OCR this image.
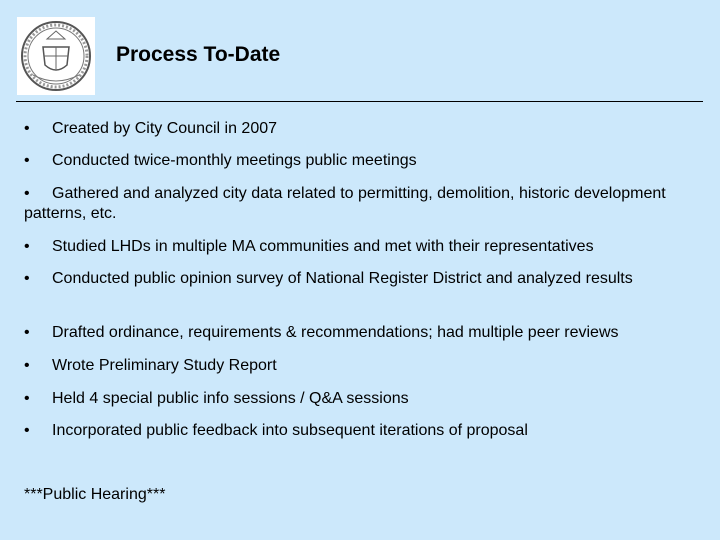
Process To-Date
• Created by City Council in 2007
• Conducted twice-monthly meetings public meetings
• Gathered and analyzed city data related to permitting, demolition, historic development patterns, etc.
• Studied LHDs in multiple MA communities and met with their representatives
• Conducted public opinion survey of National Register District and analyzed results
• Drafted ordinance, requirements & recommendations; had multiple peer reviews
• Wrote Preliminary Study Report
• Held 4 special public info sessions / Q&A sessions
• Incorporated public feedback into subsequent iterations of proposal
***Public Hearing***
